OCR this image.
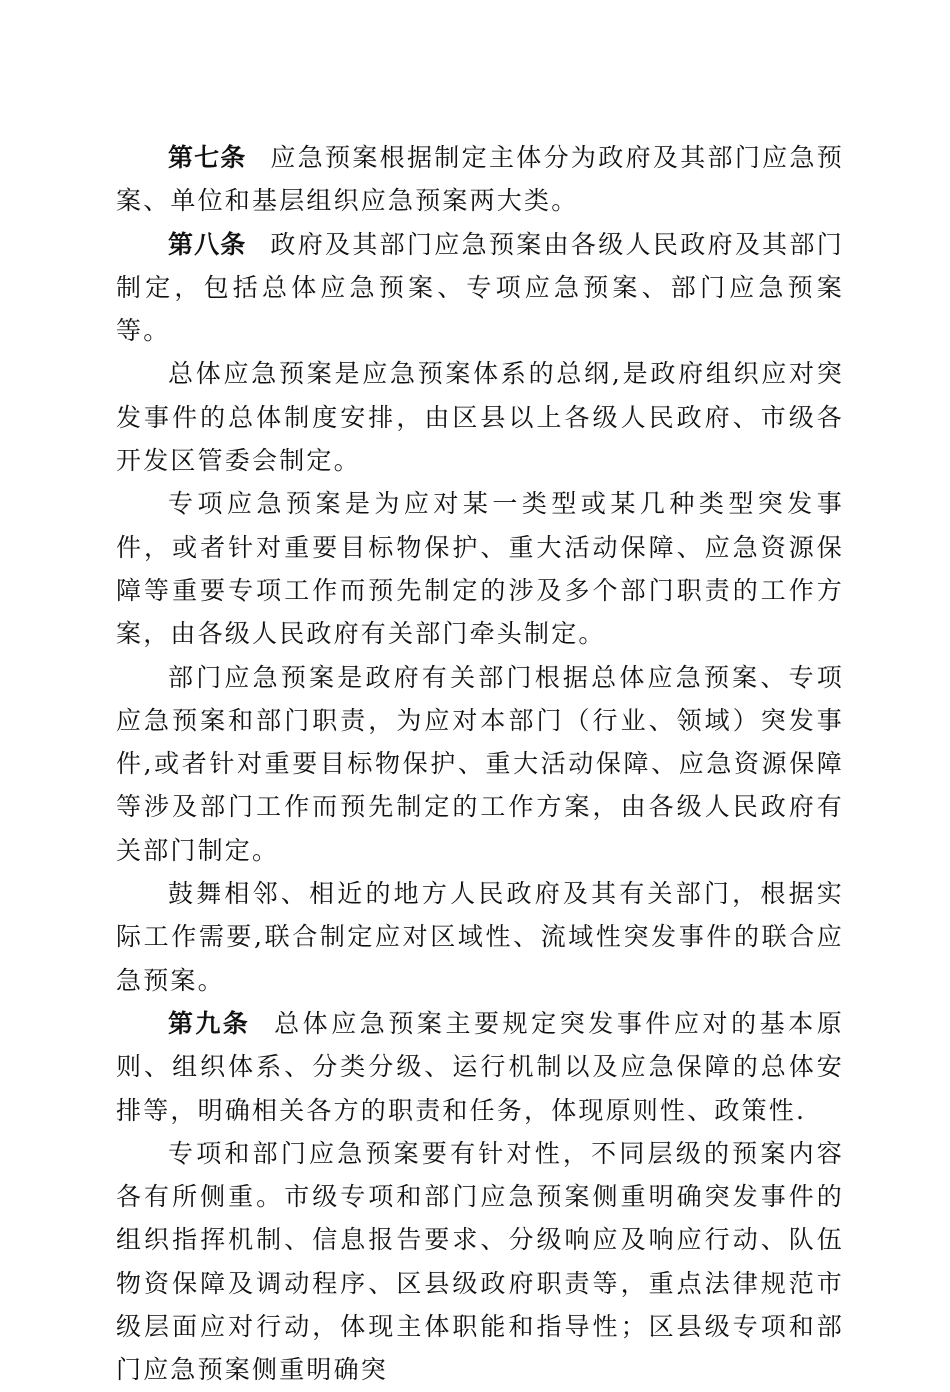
第七条 应急预案根据制定主体分为政府及其部门应急预案、单位和基层组织应急预案两大类。

第八条 政府及其部门应急预案由各级人民政府及其部门制定，包括总体应急预案、专项应急预案、部门应急预案等。

总体应急预案是应急预案体系的总纲,是政府组织应对突发事件的总体制度安排，由区县以上各级人民政府、市级各开发区管委会制定。

专项应急预案是为应对某一类型或某几种类型突发事件，或者针对重要目标物保护、重大活动保障、应急资源保障等重要专项工作而预先制定的涉及多个部门职责的工作方案，由各级人民政府有关部门牵头制定。

部门应急预案是政府有关部门根据总体应急预案、专项应急预案和部门职责，为应对本部门（行业、领域）突发事件,或者针对重要目标物保护、重大活动保障、应急资源保障等涉及部门工作而预先制定的工作方案，由各级人民政府有关部门制定。

鼓舞相邻、相近的地方人民政府及其有关部门，根据实际工作需要,联合制定应对区域性、流域性突发事件的联合应急预案。

第九条 总体应急预案主要规定突发事件应对的基本原则、组织体系、分类分级、运行机制以及应急保障的总体安排等，明确相关各方的职责和任务，体现原则性、政策性.

专项和部门应急预案要有针对性，不同层级的预案内容各有所侧重。市级专项和部门应急预案侧重明确突发事件的组织指挥机制、信息报告要求、分级响应及响应行动、队伍物资保障及调动程序、区县级政府职责等，重点法律规范市级层面应对行动，体现主体职能和指导性；区县级专项和部门应急预案侧重明确突
